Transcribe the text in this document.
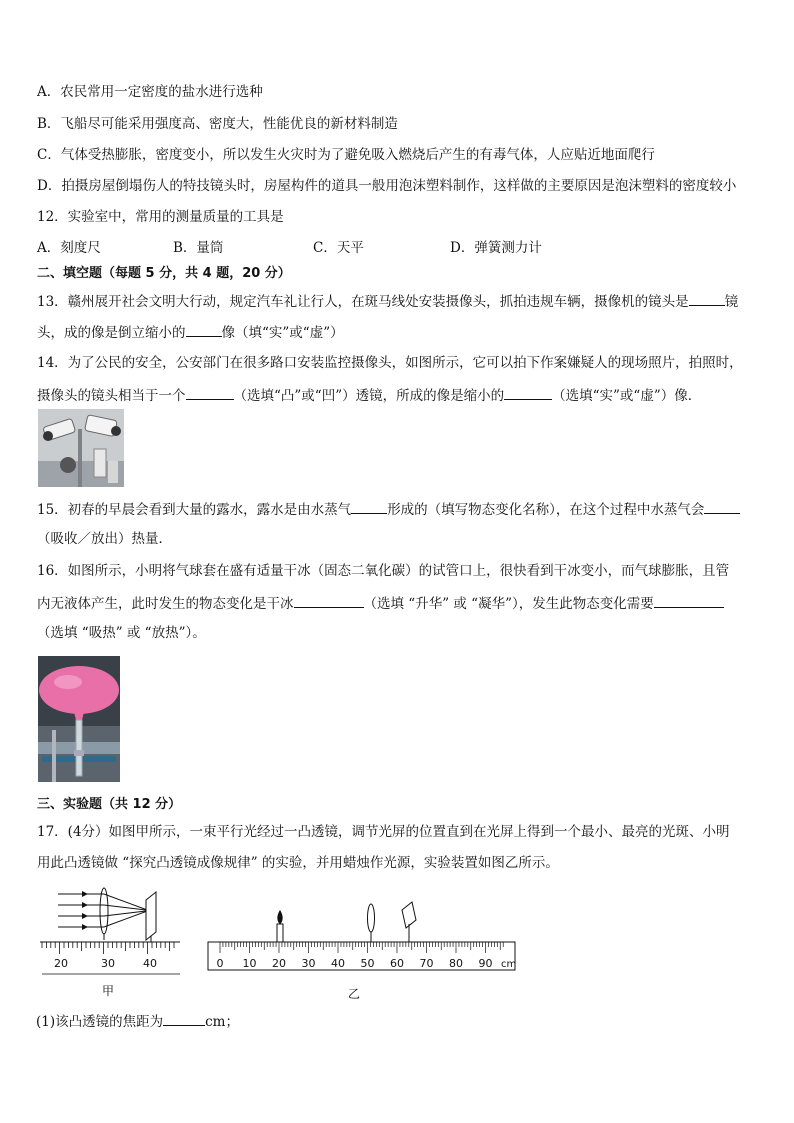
A．农民常用一定密度的盐水进行选种
B．飞船尽可能采用强度高、密度大，性能优良的新材料制造
C．气体受热膨胀，密度变小，所以发生火灾时为了避免吸入燃烧后产生的有毒气体，人应贴近地面爬行
D．拍摄房屋倒塌伤人的特技镜头时，房屋构件的道具一般用泡沫塑料制作，这样做的主要原因是泡沫塑料的密度较小
12．实验室中，常用的测量质量的工具是
A．刻度尺	B．量筒	C．天平	D．弹簧测力计
二、填空题（每题 5 分，共 4 题，20 分）
13．赣州展开社会文明大行动，规定汽车礼让行人，在斑马线处安装摄像头，抓拍违规车辆，摄像机的镜头是	镜
头，成的像是倒立缩小的	像（填“实”或“虚”）
14．为了公民的安全，公安部门在很多路口安装监控摄像头，如图所示，它可以拍下作案嫌疑人的现场照片，拍照时，
摄像头的镜头相当于一个	（选填“凸”或“凹”）透镜，所成的像是缩小的	（选填“实”或“虚”）像．
15．初春的早晨会看到大量的露水，露水是由水蒸气	形成的（填写物态变化名称），在这个过程中水蒸气会
（吸收／放出）热量．
16．如图所示，小明将气球套在盛有适量干冰（固态二氧化碳）的试管口上，很快看到干冰变小，而气球膨胀，且管
内无液体产生，此时发生的物态变化是干冰	（选填 “升华” 或 “凝华”），发生此物态变化需要
（选填 “吸热” 或 “放热”）。
三、实验题（共 12 分）
17．(4分）如图甲所示，一束平行光经过一凸透镜，调节光屏的位置直到在光屏上得到一个最小、最亮的光斑、小明
用此凸透镜做 “探究凸透镜成像规律” 的实验，并用蜡烛作光源，实验装置如图乙所示。
20	30	40
甲
0 10 20 30 40 50 60 70 80 90 cm
乙
(1)该凸透镜的焦距为	cm；
